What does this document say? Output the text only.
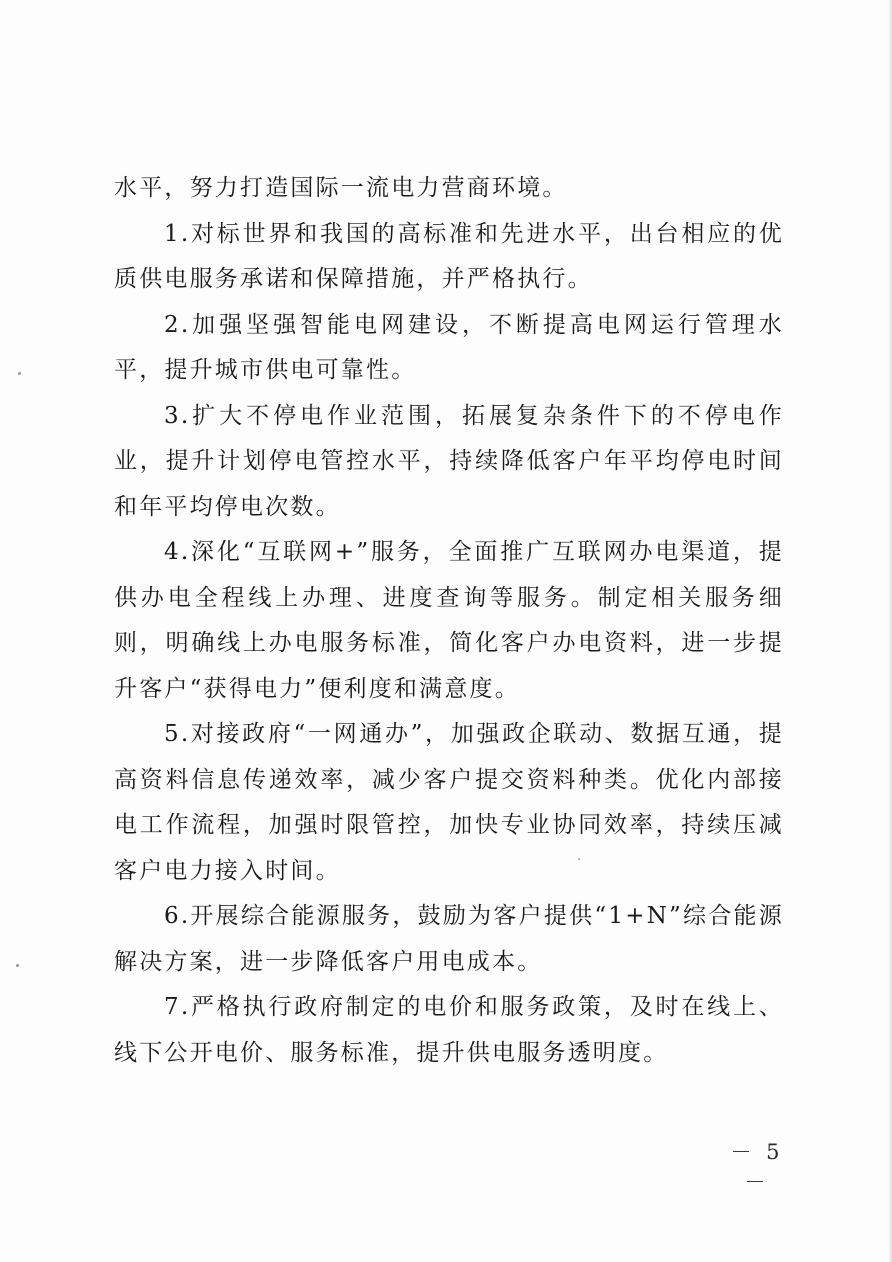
水平，努力打造国际一流电力营商环境。

1.对标世界和我国的高标准和先进水平，出台相应的优质供电服务承诺和保障措施，并严格执行。

2.加强坚强智能电网建设，不断提高电网运行管理水平，提升城市供电可靠性。

3.扩大不停电作业范围，拓展复杂条件下的不停电作业，提升计划停电管控水平，持续降低客户年平均停电时间和年平均停电次数。

4.深化“互联网+”服务，全面推广互联网办电渠道，提供办电全程线上办理、进度查询等服务。制定相关服务细则，明确线上办电服务标准，简化客户办电资料，进一步提升客户“获得电力”便利度和满意度。

5.对接政府“一网通办”，加强政企联动、数据互通，提高资料信息传递效率，减少客户提交资料种类。优化内部接电工作流程，加强时限管控，加快专业协同效率，持续压减客户电力接入时间。

6.开展综合能源服务，鼓励为客户提供“1+N”综合能源解决方案，进一步降低客户用电成本。

7.严格执行政府制定的电价和服务政策，及时在线上、线下公开电价、服务标准，提升供电服务透明度。

－ 5 －
